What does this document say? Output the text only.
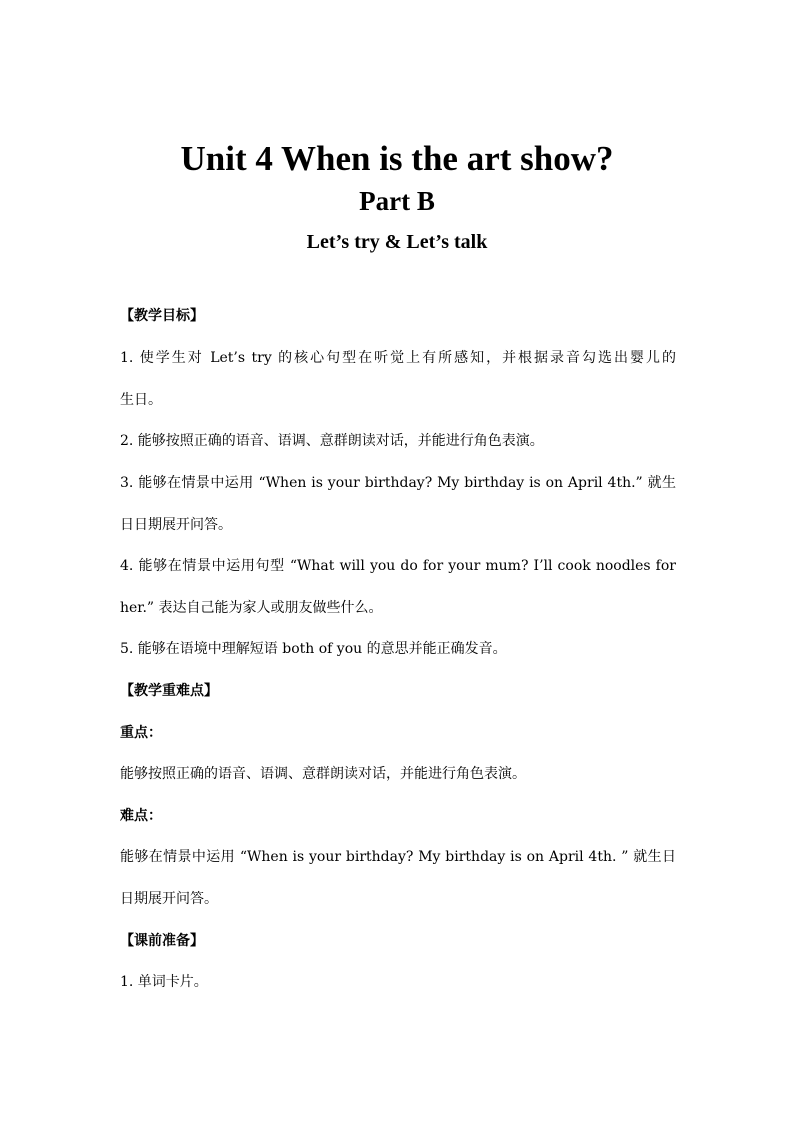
Unit 4 When is the art show?
Part B
Let’s try & Let’s talk

【教学目标】

1. 使学生对 Let’s try 的核心句型在听觉上有所感知，并根据录音勾选出婴儿的

生日。

2. 能够按照正确的语音、语调、意群朗读对话，并能进行角色表演。

3. 能够在情景中运用 “When is your birthday? My birthday is on April 4th.” 就生

日日期展开问答。

4. 能够在情景中运用句型 “What will you do for your mum? I’ll cook noodles for

her.” 表达自己能为家人或朋友做些什么。

5. 能够在语境中理解短语 both of you 的意思并能正确发音。

【教学重难点】

重点：

能够按照正确的语音、语调、意群朗读对话，并能进行角色表演。

难点：

能够在情景中运用 “When is your birthday? My birthday is on April 4th. ” 就生日

日期展开问答。

【课前准备】

1. 单词卡片。
